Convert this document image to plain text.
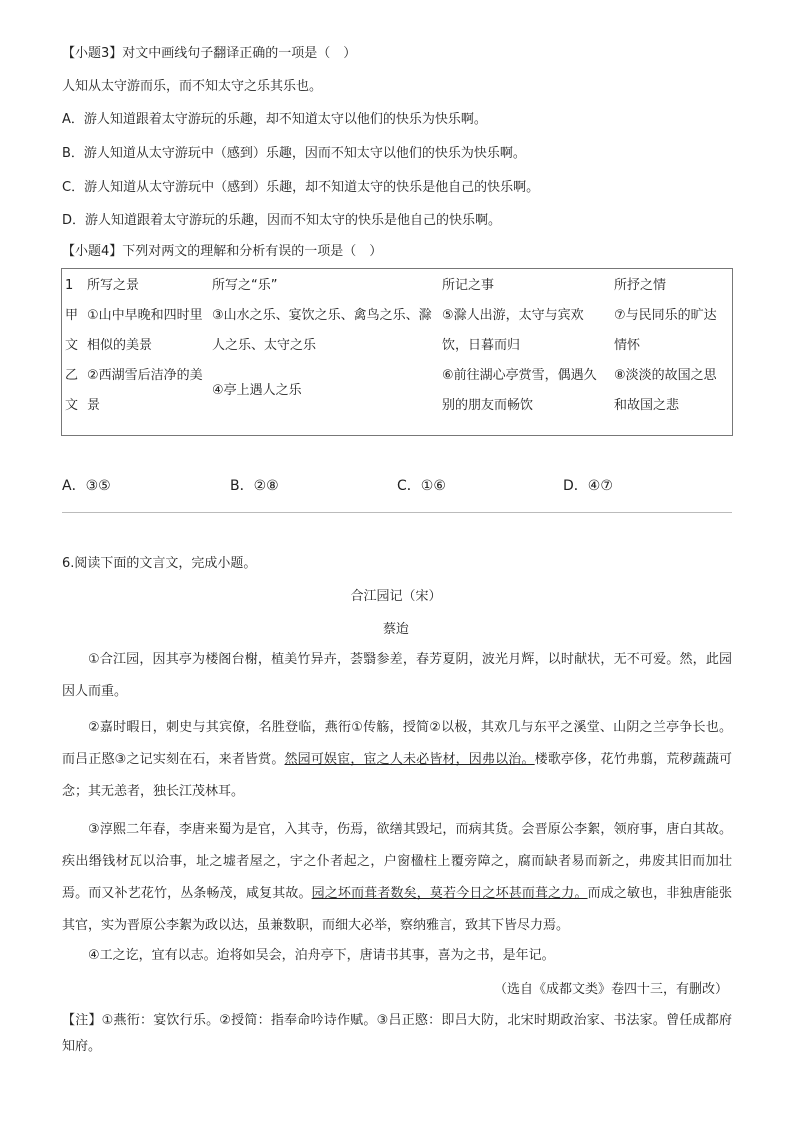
【小题3】对文中画线句子翻译正确的一项是（　）
人知从太守游而乐，而不知太守之乐其乐也。
A．游人知道跟着太守游玩的乐趣，却不知道太守以他们的快乐为快乐啊。
B．游人知道从太守游玩中（感到）乐趣，因而不知太守以他们的快乐为快乐啊。
C．游人知道从太守游玩中（感到）乐趣，却不知道太守的快乐是他自己的快乐啊。
D．游人知道跟着太守游玩的乐趣，因而不知太守的快乐是他自己的快乐啊。
【小题4】下列对两文的理解和分析有误的一项是（　）
1	所写之景	所写之“乐”	所记之事	所抒之情
甲文	①山中早晚和四时里相似的美景	③山水之乐、宴饮之乐、禽鸟之乐、滁人之乐、太守之乐	⑤滁人出游，太守与宾欢饮，日暮而归	⑦与民同乐的旷达情怀
乙文	②西湖雪后洁净的美景	④亭上遇人之乐	⑥前往湖心亭赏雪，偶遇久别的朋友而畅饮	⑧淡淡的故国之思和故国之悲
A．③⑤	B．②⑧	C．①⑥	D．④⑦
6.阅读下面的文言文，完成小题。
合江园记（宋）
蔡迨
①合江园，因其亭为楼阁台榭，植美竹异卉，荟翳参差，春芳夏阴，波光月辉，以时献状，无不可爱。然，此园因人而重。
②嘉时暇日，刺史与其宾僚，名胜登临，燕衎①传觞，授简②以极，其欢几与东平之溪堂、山阴之兰亭争长也。而吕正愍③之记实刻在石，来者皆赏。然园可娱宦，宦之人未必皆材，因弗以治。楼歌亭侈，花竹弗翦，荒秽蔬蔬可念；其无恙者，独长江茂林耳。
③淳熙二年春，李唐来蜀为是官，入其寺，伤焉，欲缮其毁圮，而病其货。会晋原公李絮，领府事，唐白其故。疾出缗钱材瓦以洽事，址之墟者屋之，宇之仆者起之，户窗楹柱上覆旁障之，腐而缺者易而新之，弗废其旧而加壮焉。而又补艺花竹，丛条畅茂，咸复其故。园之坏而葺者数矣，莫若今日之坏甚而葺之力。而成之敏也，非独唐能张其官，实为晋原公李絮为政以达，虽兼数职，而细大必举，察纳雅言，致其下皆尽力焉。
④工之讫，宜有以志。迨将如吴会，泊舟亭下，唐请书其事，喜为之书，是年记。
（选自《成都文类》卷四十三，有删改）
【注】①燕衎：宴饮行乐。②授简：指奉命吟诗作赋。③吕正愍：即吕大防，北宋时期政治家、书法家。曾任成都府知府。
